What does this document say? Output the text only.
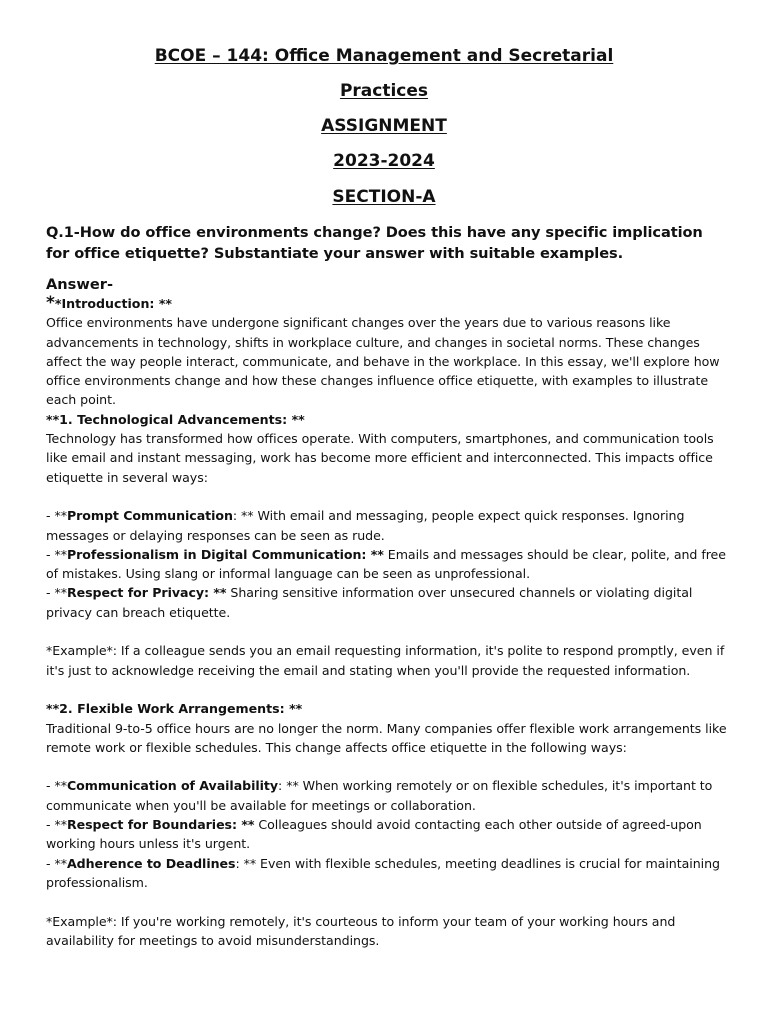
BCOE – 144: Office Management and Secretarial

Practices

ASSIGNMENT

2023-2024

SECTION-A

Q.1-How do office environments change? Does this have any specific implication for office etiquette? Substantiate your answer with suitable examples.

Answer-

**Introduction: **

Office environments have undergone significant changes over the years due to various reasons like advancements in technology, shifts in workplace culture, and changes in societal norms. These changes affect the way people interact, communicate, and behave in the workplace. In this essay, we'll explore how office environments change and how these changes influence office etiquette, with examples to illustrate each point.

**1. Technological Advancements: **

Technology has transformed how offices operate. With computers, smartphones, and communication tools like email and instant messaging, work has become more efficient and interconnected. This impacts office etiquette in several ways:

- **Prompt Communication: ** With email and messaging, people expect quick responses. Ignoring messages or delaying responses can be seen as rude.

- **Professionalism in Digital Communication: ** Emails and messages should be clear, polite, and free of mistakes. Using slang or informal language can be seen as unprofessional.

- **Respect for Privacy: ** Sharing sensitive information over unsecured channels or violating digital privacy can breach etiquette.

*Example*: If a colleague sends you an email requesting information, it's polite to respond promptly, even if it's just to acknowledge receiving the email and stating when you'll provide the requested information.

**2. Flexible Work Arrangements: **

Traditional 9-to-5 office hours are no longer the norm. Many companies offer flexible work arrangements like remote work or flexible schedules. This change affects office etiquette in the following ways:

- **Communication of Availability: ** When working remotely or on flexible schedules, it's important to communicate when you'll be available for meetings or collaboration.

- **Respect for Boundaries: ** Colleagues should avoid contacting each other outside of agreed-upon working hours unless it's urgent.

- **Adherence to Deadlines: ** Even with flexible schedules, meeting deadlines is crucial for maintaining professionalism.

*Example*: If you're working remotely, it's courteous to inform your team of your working hours and availability for meetings to avoid misunderstandings.
